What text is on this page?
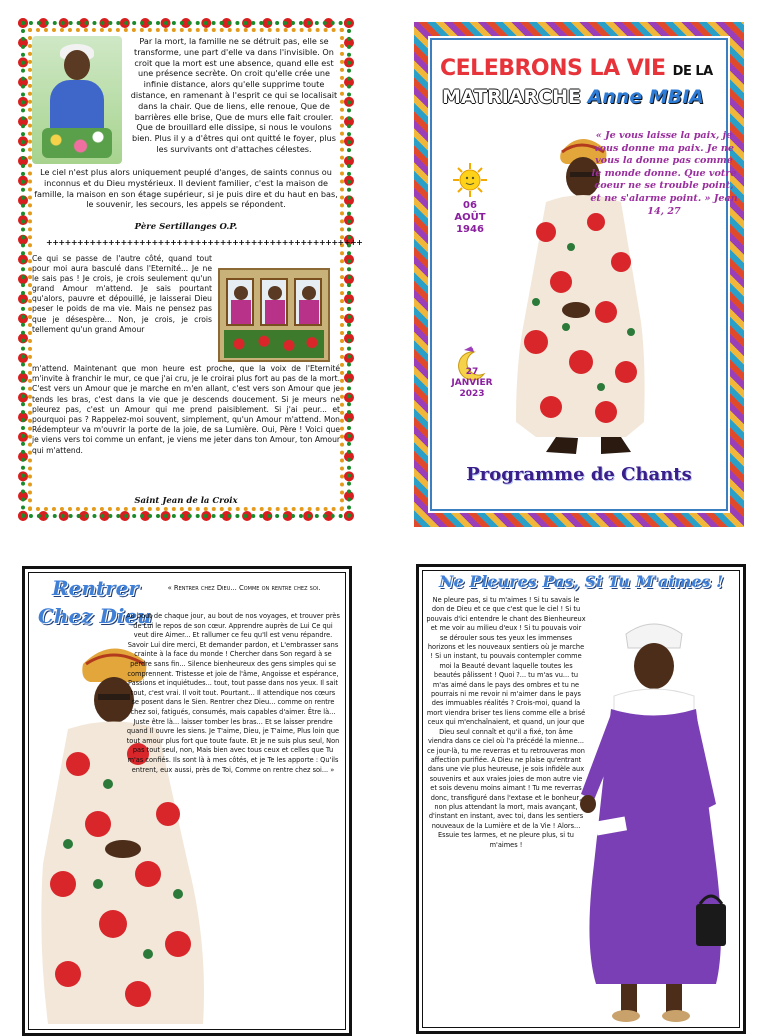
Par la mort, la famille ne se détruit pas, elle se transforme, une part d'elle va dans l'invisible. On croit que la mort est une absence, quand elle est une présence secrète. On croit qu'elle crée une infinie distance, alors qu'elle supprime toute distance, en ramenant à l'esprit ce qui se localisait dans la chair. Que de liens, elle renoue, Que de barrières elle brise, Que de murs elle fait crouler. Que de brouillard elle dissipe, si nous le voulons bien. Plus il y a d'êtres qui ont quitté le foyer, plus les survivants ont d'attaches célestes.

Le ciel n'est plus alors uniquement peuplé d'anges, de saints connus ou inconnus et du Dieu mystérieux. Il devient familier, c'est la maison de famille, la maison en son étage supérieur, si je puis dire et du haut en bas, le souvenir, les secours, les appels se répondent.

Père Sertillanges O.P.

+++++++++++++++++++++++++++++++++++++++++++++++++++

Ce qui se passe de l'autre côté, quand tout pour moi aura basculé dans l'Eternité... Je ne le sais pas ! Je crois, je crois seulement qu'un grand Amour m'attend. Je sais pourtant qu'alors, pauvre et dépouillé, je laisserai Dieu peser le poids de ma vie. Mais ne pensez pas que je désespère... Non, je crois, je crois tellement qu'un grand Amour

m'attend. Maintenant que mon heure est proche, que la voix de l'Eternité m'invite à franchir le mur, ce que j'ai cru, je le croirai plus fort au pas de la mort. C'est vers un Amour que je marche en m'en allant, c'est vers son Amour que je tends les bras, c'est dans la vie que je descends doucement. Si je meurs ne pleurez pas, c'est un Amour qui me prend paisiblement. Si j'ai peur... et pourquoi pas ? Rappelez-moi souvent, simplement, qu'un Amour m'attend. Mon Rédempteur va m'ouvrir la porte de la joie, de sa Lumière. Oui, Père ! Voici que je viens vers toi comme un enfant, je viens me jeter dans ton Amour, ton Amour qui m'attend.

Saint Jean de la Croix

CELEBRONS LA VIE DE LA
MATRIARCHE Anne MBIA
06
AOÛT
1946
27
JANVIER
2023

« Je vous laisse la paix, je vous donne ma paix. Je ne vous la donne pas comme le monde donne. Que votre coeur ne se trouble point, et ne s'alarme point. » Jean 14, 27

Programme de Chants

Rentrer

Chez Dieu

« Rentrer chez Dieu... Comme on rentre chez soi.

Au bout de chaque jour, au bout de nos voyages, et trouver près de Lui le repos de son cœur. Apprendre auprès de Lui Ce qui veut dire Aimer... Et rallumer ce feu qu'Il est venu répandre. Savoir Lui dire merci, Et demander pardon, et L'embrasser sans crainte à la face du monde ! Chercher dans Son regard à se perdre sans fin... Silence bienheureux des gens simples qui se comprennent. Tristesse et joie de l'âme, Angoisse et espérance, Passions et inquiétudes... tout, tout passe dans nos yeux. Il sait tout, c'est vrai. Il voit tout. Pourtant... Il attendique nos cœurs se posent dans le Sien. Rentrer chez Dieu... comme on rentre chez soi, fatigués, consumés, mais capables d'aimer. Être là... Juste être là... laisser tomber les bras... Et se laisser prendre quand Il ouvre les siens. Je T'aime, Dieu, je T'aime, Plus loin que tout amour plus fort que toute faute. Et je ne suis plus seul, Non pas tout seul, non, Mais bien avec tous ceux et celles que Tu m'as confiés. Ils sont là à mes côtés, et je Te les apporte : Qu'ils entrent, eux aussi, près de Toi, Comme on rentre chez soi... »

Ne Pleures Pas, Si Tu M'aimes !

Ne pleure pas, si tu m'aimes ! Si tu savais le don de Dieu et ce que c'est que le ciel ! Si tu pouvais d'ici entendre le chant des Bienheureux et me voir au milieu d'eux ! Si tu pouvais voir se dérouler sous tes yeux les immenses horizons et les nouveaux sentiers où je marche ! Si un instant, tu pouvais contempler comme moi la Beauté devant laquelle toutes les beautés pâlissent ! Quoi ?... tu m'as vu... tu m'as aimé dans le pays des ombres et tu ne pourrais ni me revoir ni m'aimer dans le pays des immuables réalités ? Crois-moi, quand la mort viendra briser tes liens comme elle a brisé ceux qui m'enchaînaient, et quand, un jour que Dieu seul connaît et qu'il a fixé, ton âme viendra dans ce ciel où l'a précédé la mienne... ce jour-là, tu me reverras et tu retrouveras mon affection purifiée. A Dieu ne plaise qu'entrant dans une vie plus heureuse, je sois infidèle aux souvenirs et aux vraies joies de mon autre vie et sois devenu moins aimant ! Tu me reverras donc, transfiguré dans l'extase et le bonheur, non plus attendant la mort, mais avançant, d'instant en instant, avec toi, dans les sentiers nouveaux de la Lumière et de la Vie ! Alors... Essuie tes larmes, et ne pleure plus, si tu m'aimes !
